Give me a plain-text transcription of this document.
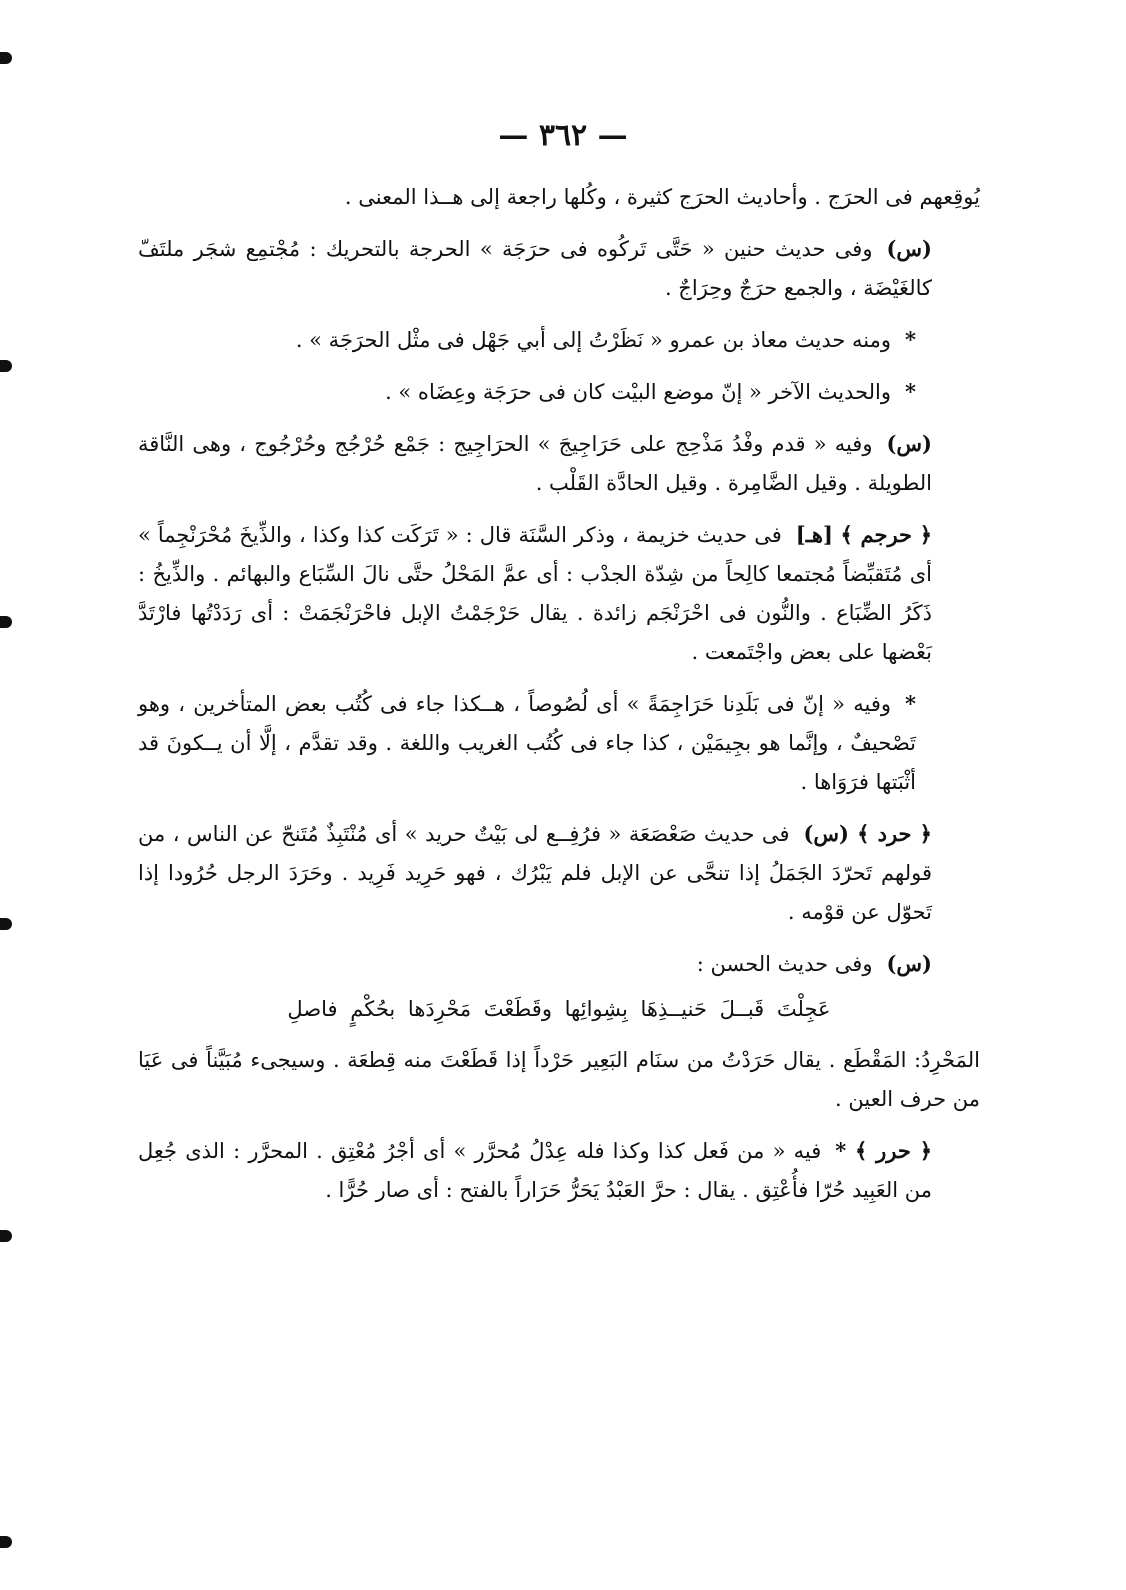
— ٣٦٢ —

يُوقِعهم فى الحرَج . وأحاديث الحرَج كثيرة ، وكُلها راجعة إلى هــذا المعنى .

(س)وفى حديث حنين « حَتَّى تَركُوه فى حرَجَة » الحرجة بالتحريك : مُجْتمِع شجَر ملتَفّ كالغَيْضَة ، والجمع حرَجٌ وحِرَاجٌ .

*ومنه حديث معاذ بن عمرو « نَظَرْتُ إلى أبي جَهْل فى مثْل الحرَجَة » .

*والحديث الآخر « إنّ موضع البيْت كان فى حرَجَة وعِضَاه » .

(س)وفيه « قدم وفْدُ مَذْحِج على حَرَاجِيجَ » الحرَاجِيج : جَمْع حُرْجُج وحُرْجُوج ، وهى النَّاقة الطويلة . وقيل الضَّامِرة . وقيل الحادَّة القَلْب .

﴿ حرجم ﴾ [هـ]فى حديث خزيمة ، وذكر السَّنَة قال : « تَرَكَت كذا وكذا ، والذِّيخَ مُحْرَنْجِماً » أى مُتَقبِّضاً مُجتمعا كالِحاً من شِدّة الجدْب : أى عمَّ المَحْلُ حتَّى نالَ السِّبَاع والبهائم . والذِّيخُ : ذَكَرُ الضِّبَاع . والنُّون فى احْرَنْجَم زائدة . يقال حَرْجَمْتُ الإبل فاحْرَنْجَمَتْ : أى رَدَدْتُها فارْتَدَّ بَعْضها على بعض واجْتَمعت .

*وفيه « إنّ فى بَلَدِنا حَرَاجِمَةً » أى لُصُوصاً ، هــكذا جاء فى كُتُب بعض المتأخرين ، وهو تَصْحيفٌ ، وإنَّما هو بجِيمَيْن ، كذا جاء فى كُتُب الغريب واللغة . وقد تقدَّم ، إلَّا أن يــكونَ قد أثْبَتها فرَوَاها .

﴿ حرد ﴾ (س)فى حديث صَعْصَعَة « فرُفِــع لى بَيْتٌ حريد » أى مُنْتَبِذٌ مُتَنحّ عن الناس ، من قولهم تَحرّدَ الجَمَلُ إذا تنحَّى عن الإبل فلم يَبْرُك ، فهو حَرِيد فَرِيد . وحَرَدَ الرجل حُرُودا إذا تَحوّل عن قوْمه .

(س)وفى حديث الحسن :

عَجِلْتَ قَبــلَ حَنيــذِهَا بِشِوائِها وقَطَعْتَ مَحْرِدَها بحُكْمٍ فاصلِ

المَحْرِدُ: المَقْطَع . يقال حَرَدْتُ من سنَام البَعِير حَرْداً إذا قَطَعْتَ منه قِطعَة . وسيجىء مُبَيَّناً فى عَيَا من حرف العين .

﴿ حرر ﴾ *فيه « من فَعل كذا وكذا فله عِدْلُ مُحرَّر » أى أجْرُ مُعْتِق . المحرَّر : الذى جُعِل من العَبِيد حُرّا فأُعْتِق . يقال : حرَّ العَبْدُ يَحَرُّ حَرَاراً بالفتح : أى صار حُرًّا .
